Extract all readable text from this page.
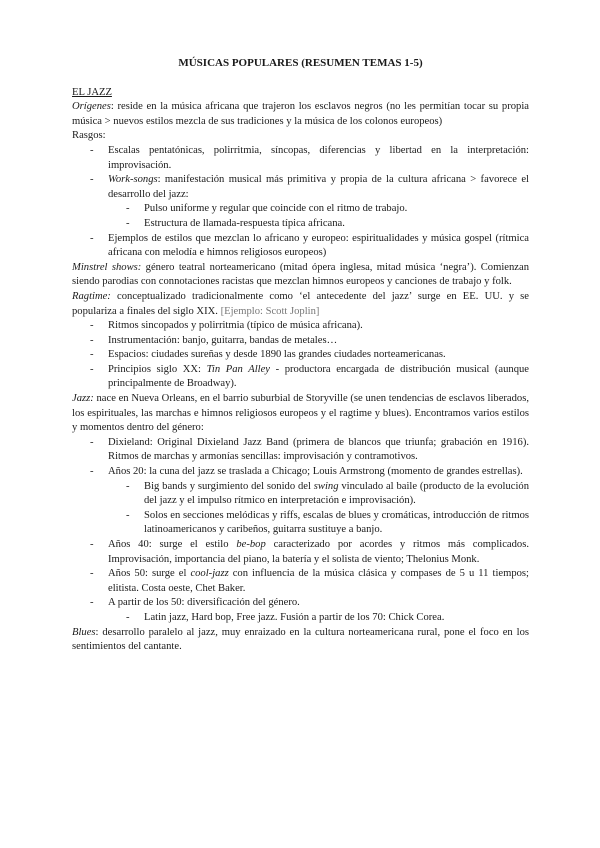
MÚSICAS POPULARES (RESUMEN TEMAS 1-5)

EL JAZZ

Orígenes: reside en la música africana que trajeron los esclavos negros (no les permitían tocar su propia música > nuevos estilos mezcla de sus tradiciones y la música de los colonos europeos)

Rasgos:

- Escalas pentatónicas, polirritmia, síncopas, diferencias y libertad en la interpretación: improvisación.
- Work-songs: manifestación musical más primitiva y propia de la cultura africana > favorece el desarrollo del jazz:
- Pulso uniforme y regular que coincide con el ritmo de trabajo.
- Estructura de llamada-respuesta típica africana.
- Ejemplos de estilos que mezclan lo africano y europeo: espiritualidades y música gospel (rítmica africana con melodía e himnos religiosos europeos)

Minstrel shows: género teatral norteamericano (mitad ópera inglesa, mitad música ‘negra’). Comienzan siendo parodias con connotaciones racistas que mezclan himnos europeos y canciones de trabajo y folk.

Ragtime: conceptualizado tradicionalmente como ‘el antecedente del jazz’ surge en EE. UU. y se populariza a finales del siglo XIX. [Ejemplo: Scott Joplin]

- Ritmos sincopados y polirritmia (típico de música africana).
- Instrumentación: banjo, guitarra, bandas de metales…
- Espacios: ciudades sureñas y desde 1890 las grandes ciudades norteamericanas.
- Principios siglo XX: Tin Pan Alley - productora encargada de distribución musical (aunque principalmente de Broadway).

Jazz: nace en Nueva Orleans, en el barrio suburbial de Storyville (se unen tendencias de esclavos liberados, los espirituales, las marchas e himnos religiosos europeos y el ragtime y blues). Encontramos varios estilos y momentos dentro del género:

- Dixieland: Original Dixieland Jazz Band (primera de blancos que triunfa; grabación en 1916). Ritmos de marchas y armonías sencillas: improvisación y contramotivos.
- Años 20: la cuna del jazz se traslada a Chicago; Louis Armstrong (momento de grandes estrellas).
- Big bands y surgimiento del sonido del swing vinculado al baile (producto de la evolución del jazz y el impulso rítmico en interpretación e improvisación).
- Solos en secciones melódicas y riffs, escalas de blues y cromáticas, introducción de ritmos latinoamericanos y caribeños, guitarra sustituye a banjo.
- Años 40: surge el estilo be-bop caracterizado por acordes y ritmos más complicados. Improvisación, importancia del piano, la batería y el solista de viento; Thelonius Monk.
- Años 50: surge el cool-jazz con influencia de la música clásica y compases de 5 u 11 tiempos; elitista. Costa oeste, Chet Baker.
- A partir de los 50: diversificación del género.
- Latin jazz, Hard bop, Free jazz. Fusión a partir de los 70: Chick Corea.

Blues: desarrollo paralelo al jazz, muy enraizado en la cultura norteamericana rural, pone el foco en los sentimientos del cantante.
